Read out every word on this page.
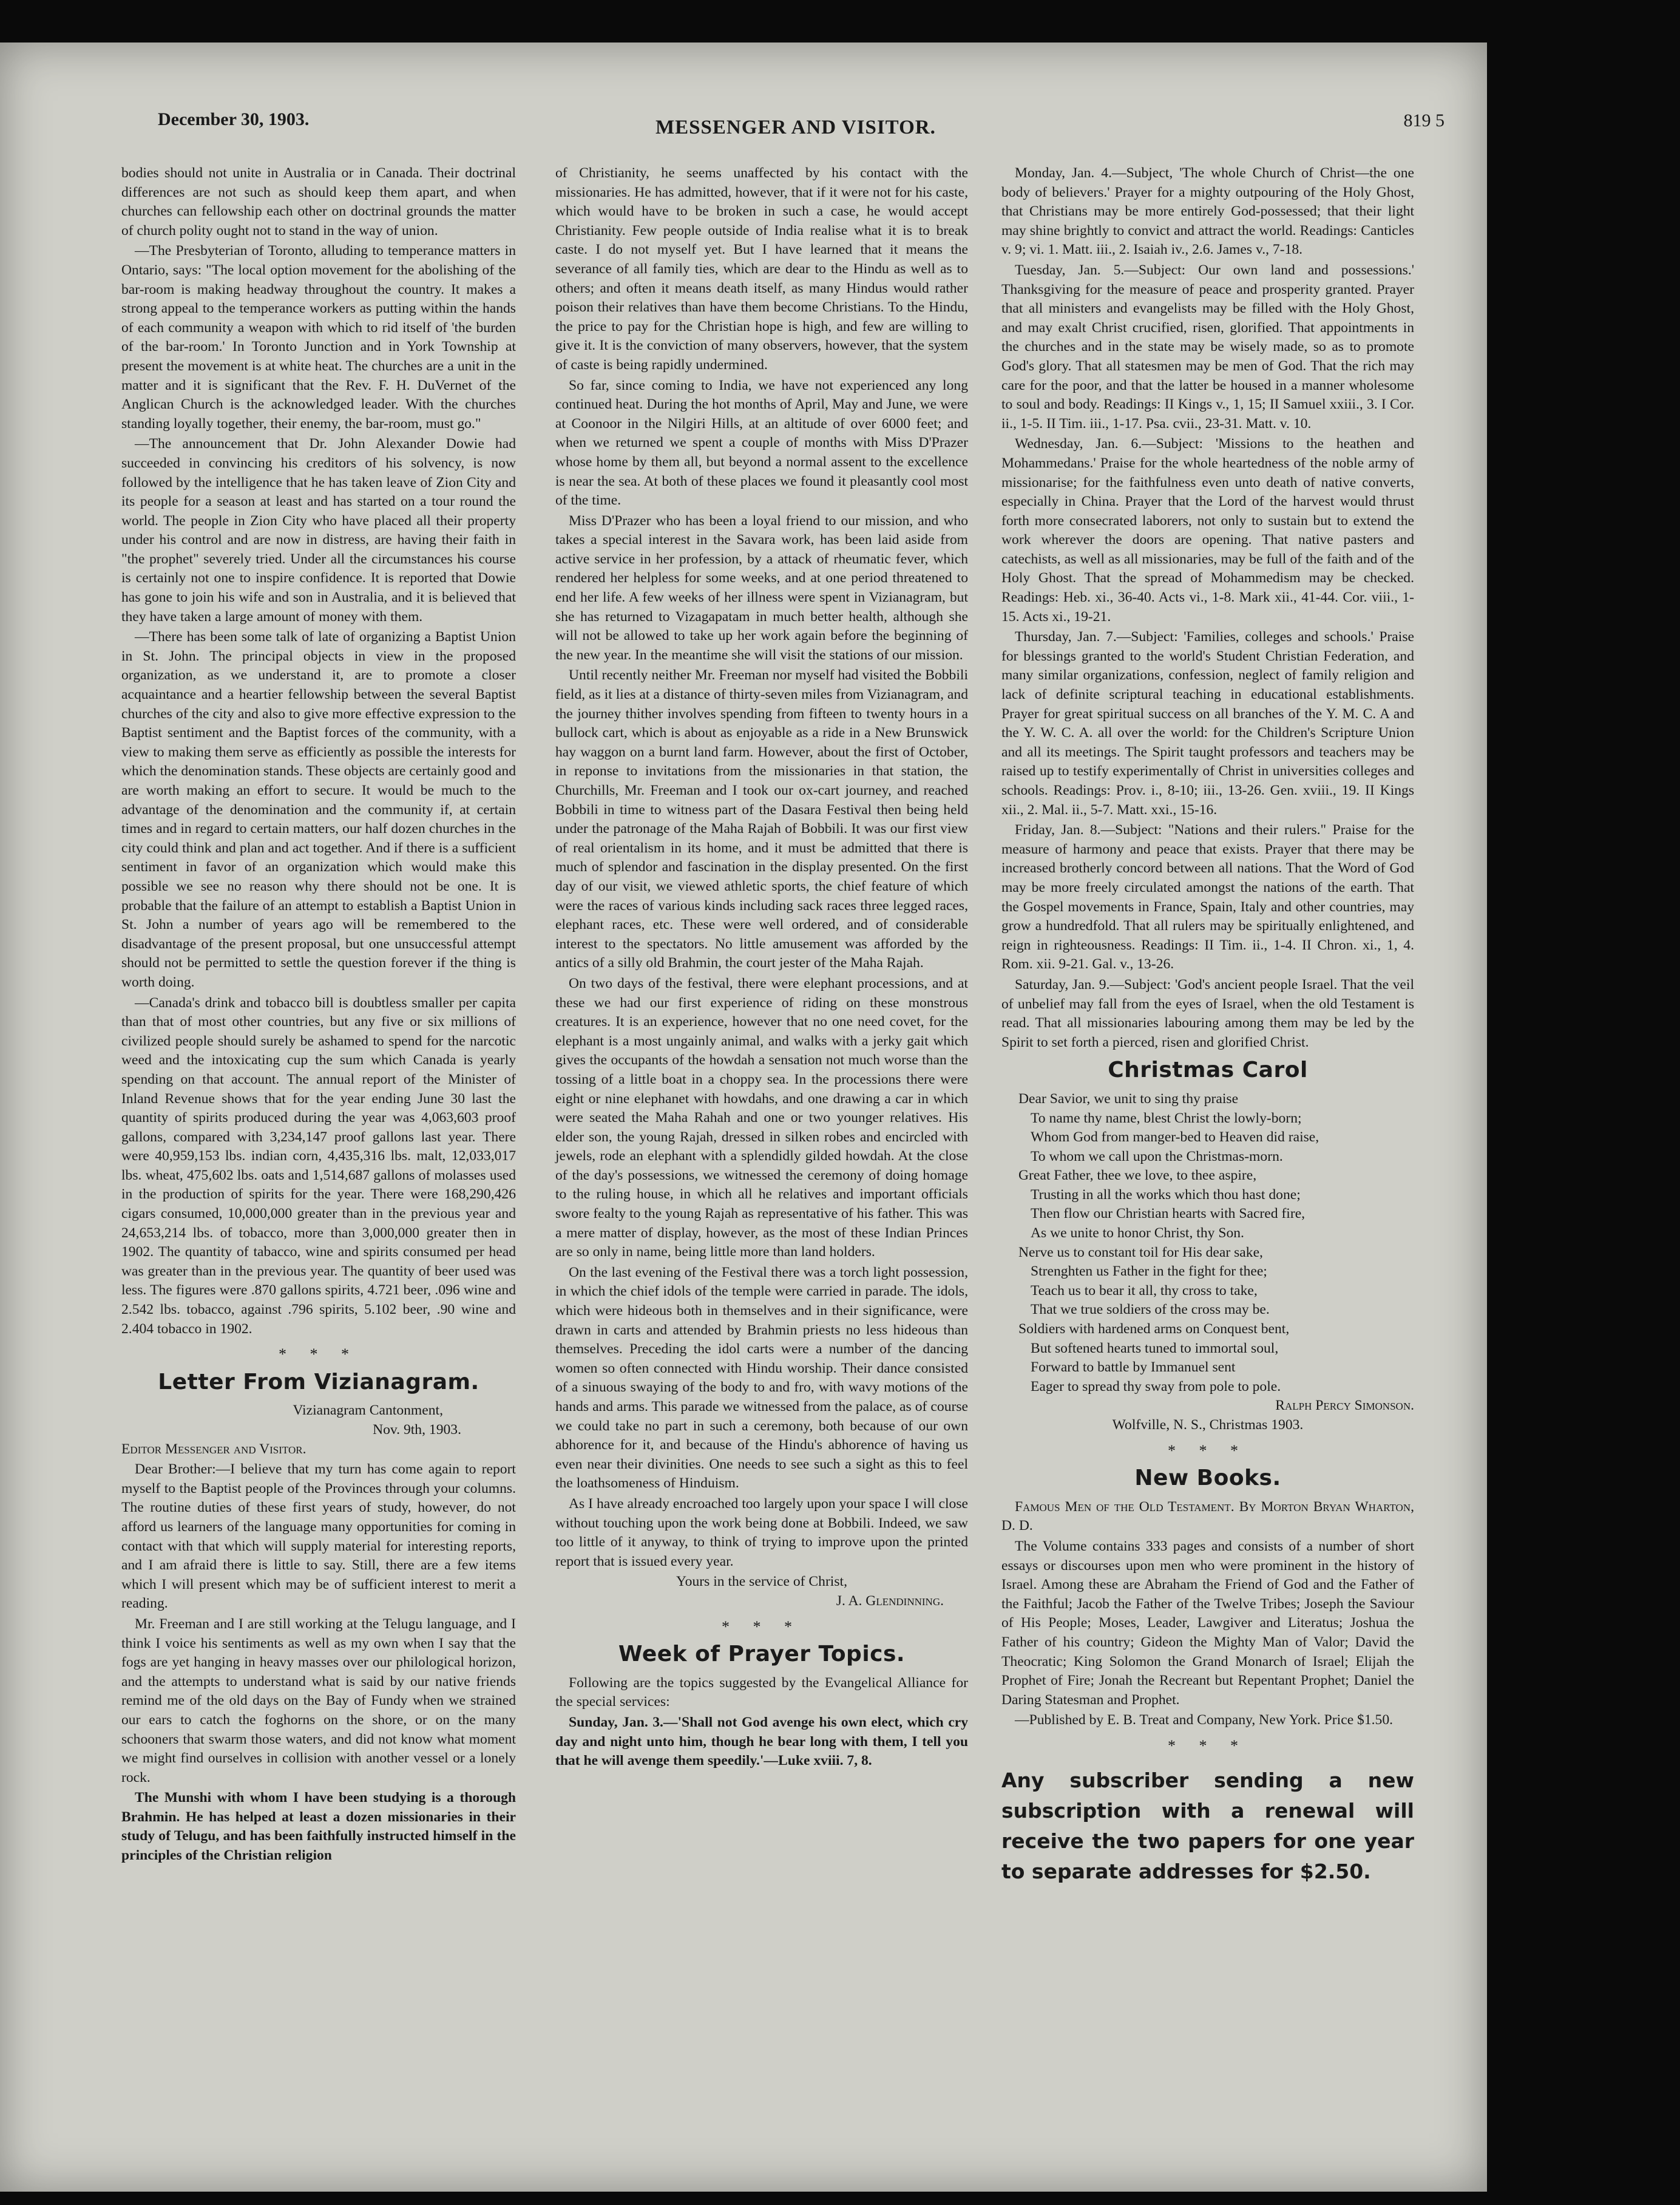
December 30, 1903.	MESSENGER AND VISITOR.	819 5

bodies should not unite in Australia or in Canada. Their doctrinal differences are not such as should keep them apart, and when churches can fellowship each other on doctrinal grounds the matter of church polity ought not to stand in the way of union.

—The Presbyterian of Toronto, alluding to temperance matters in Ontario, says: "The local option movement for the abolishing of the bar-room is making headway throughout the country. It makes a strong appeal to the temperance workers as putting within the hands of each community a weapon with which to rid itself of 'the burden of the bar-room.' In Toronto Junction and in York Township at present the movement is at white heat. The churches are a unit in the matter and it is significant that the Rev. F. H. DuVernet of the Anglican Church is the acknowledged leader. With the churches standing loyally together, their enemy, the bar-room, must go."

—The announcement that Dr. John Alexander Dowie had succeeded in convincing his creditors of his solvency, is now followed by the intelligence that he has taken leave of Zion City and its people for a season at least and has started on a tour round the world. The people in Zion City who have placed all their property under his control and are now in distress, are having their faith in "the prophet" severely tried. Under all the circumstances his course is certainly not one to inspire confidence. It is reported that Dowie has gone to join his wife and son in Australia, and it is believed that they have taken a large amount of money with them.

—There has been some talk of late of organizing a Baptist Union in St. John. The principal objects in view in the proposed organization, as we understand it, are to promote a closer acquaintance and a heartier fellowship between the several Baptist churches of the city and also to give more effective expression to the Baptist sentiment and the Baptist forces of the community, with a view to making them serve as efficiently as possible the interests for which the denomination stands. These objects are certainly good and are worth making an effort to secure. It would be much to the advantage of the denomination and the community if, at certain times and in regard to certain matters, our half dozen churches in the city could think and plan and act together. And if there is a sufficient sentiment in favor of an organization which would make this possible we see no reason why there should not be one. It is probable that the failure of an attempt to establish a Baptist Union in St. John a number of years ago will be remembered to the disadvantage of the present proposal, but one unsuccessful attempt should not be permitted to settle the question forever if the thing is worth doing.

—Canada's drink and tobacco bill is doubtless smaller per capita than that of most other countries, but any five or six millions of civilized people should surely be ashamed to spend for the narcotic weed and the intoxicating cup the sum which Canada is yearly spending on that account. The annual report of the Minister of Inland Revenue shows that for the year ending June 30 last the quantity of spirits produced during the year was 4,063,603 proof gallons, compared with 3,234,147 proof gallons last year. There were 40,959,153 lbs. indian corn, 4,435,316 lbs. malt, 12,033,017 lbs. wheat, 475,602 lbs. oats and 1,514,687 gallons of molasses used in the production of spirits for the year. There were 168,290,426 cigars consumed, 10,000,000 greater than in the previous year and 24,653,214 lbs. of tobacco, more than 3,000,000 greater then in 1902. The quantity of tabacco, wine and spirits consumed per head was greater than in the previous year. The quantity of beer used was less. The figures were .870 gallons spirits, 4.721 beer, .096 wine and 2.542 lbs. tobacco, against .796 spirits, 5.102 beer, .90 wine and 2.404 tobacco in 1902.

* * *
Letter From Vizianagram.
Vizianagram Cantonment,
Nov. 9th, 1903.

Editor Messenger and Visitor.

Dear Brother:—I believe that my turn has come again to report myself to the Baptist people of the Provinces through your columns. The routine duties of these first years of study, however, do not afford us learners of the language many opportunities for coming in contact with that which will supply material for interesting reports, and I am afraid there is little to say. Still, there are a few items which I will present which may be of sufficient interest to merit a reading.

Mr. Freeman and I are still working at the Telugu language, and I think I voice his sentiments as well as my own when I say that the fogs are yet hanging in heavy masses over our philological horizon, and the attempts to understand what is said by our native friends remind me of the old days on the Bay of Fundy when we strained our ears to catch the foghorns on the shore, or on the many schooners that swarm those waters, and did not know what moment we might find ourselves in collision with another vessel or a lonely rock.

The Munshi with whom I have been studying is a thorough Brahmin. He has helped at least a dozen missionaries in their study of Telugu, and has been faithfully instructed himself in the principles of the Christian religion

of Christianity, he seems unaffected by his contact with the missionaries. He has admitted, however, that if it were not for his caste, which would have to be broken in such a case, he would accept Christianity. Few people outside of India realise what it is to break caste. I do not myself yet. But I have learned that it means the severance of all family ties, which are dear to the Hindu as well as to others; and often it means death itself, as many Hindus would rather poison their relatives than have them become Christians. To the Hindu, the price to pay for the Christian hope is high, and few are willing to give it. It is the conviction of many observers, however, that the system of caste is being rapidly undermined.

So far, since coming to India, we have not experienced any long continued heat. During the hot months of April, May and June, we were at Coonoor in the Nilgiri Hills, at an altitude of over 6000 feet; and when we returned we spent a couple of months with Miss D'Prazer whose home by them all, but beyond a normal assent to the excellence is near the sea. At both of these places we found it pleasantly cool most of the time.

Miss D'Prazer who has been a loyal friend to our mission, and who takes a special interest in the Savara work, has been laid aside from active service in her profession, by a attack of rheumatic fever, which rendered her helpless for some weeks, and at one period threatened to end her life. A few weeks of her illness were spent in Vizianagram, but she has returned to Vizagapatam in much better health, although she will not be allowed to take up her work again before the beginning of the new year. In the meantime she will visit the stations of our mission.

Until recently neither Mr. Freeman nor myself had visited the Bobbili field, as it lies at a distance of thirty-seven miles from Vizianagram, and the journey thither involves spending from fifteen to twenty hours in a bullock cart, which is about as enjoyable as a ride in a New Brunswick hay waggon on a burnt land farm. However, about the first of October, in reponse to invitations from the missionaries in that station, the Churchills, Mr. Freeman and I took our ox-cart journey, and reached Bobbili in time to witness part of the Dasara Festival then being held under the patronage of the Maha Rajah of Bobbili. It was our first view of real orientalism in its home, and it must be admitted that there is much of splendor and fascination in the display presented. On the first day of our visit, we viewed athletic sports, the chief feature of which were the races of various kinds including sack races three legged races, elephant races, etc. These were well ordered, and of considerable interest to the spectators. No little amusement was afforded by the antics of a silly old Brahmin, the court jester of the Maha Rajah.

On two days of the festival, there were elephant processions, and at these we had our first experience of riding on these monstrous creatures. It is an experience, however that no one need covet, for the elephant is a most ungainly animal, and walks with a jerky gait which gives the occupants of the howdah a sensation not much worse than the tossing of a little boat in a choppy sea. In the processions there were eight or nine elephanet with howdahs, and one drawing a car in which were seated the Maha Rahah and one or two younger relatives. His elder son, the young Rajah, dressed in silken robes and encircled with jewels, rode an elephant with a splendidly gilded howdah. At the close of the day's possessions, we witnessed the ceremony of doing homage to the ruling house, in which all he relatives and important officials swore fealty to the young Rajah as representative of his father. This was a mere matter of display, however, as the most of these Indian Princes are so only in name, being little more than land holders.

On the last evening of the Festival there was a torch light possession, in which the chief idols of the temple were carried in parade. The idols, which were hideous both in themselves and in their significance, were drawn in carts and attended by Brahmin priests no less hideous than themselves. Preceding the idol carts were a number of the dancing women so often connected with Hindu worship. Their dance consisted of a sinuous swaying of the body to and fro, with wavy motions of the hands and arms. This parade we witnessed from the palace, as of course we could take no part in such a ceremony, both because of our own abhorence for it, and because of the Hindu's abhorence of having us even near their divinities. One needs to see such a sight as this to feel the loathsomeness of Hinduism.

As I have already encroached too largely upon your space I will close without touching upon the work being done at Bobbili. Indeed, we saw too little of it anyway, to think of trying to improve upon the printed report that is issued every year.

Yours in the service of Christ,
J. A. Glendinning.
* * *
Week of Prayer Topics.

Following are the topics suggested by the Evangelical Alliance for the special services:

Sunday, Jan. 3.—'Shall not God avenge his own elect, which cry day and night unto him, though he bear long with them, I tell you that he will avenge them speedily.'—Luke xviii. 7, 8.

Monday, Jan. 4.—Subject, 'The whole Church of Christ—the one body of believers.' Prayer for a mighty outpouring of the Holy Ghost, that Christians may be more entirely God-possessed; that their light may shine brightly to convict and attract the world. Readings: Canticles v. 9; vi. 1. Matt. iii., 2. Isaiah iv., 2.6. James v., 7-18.

Tuesday, Jan. 5.—Subject: Our own land and possessions.' Thanksgiving for the measure of peace and prosperity granted. Prayer that all ministers and evangelists may be filled with the Holy Ghost, and may exalt Christ crucified, risen, glorified. That appointments in the churches and in the state may be wisely made, so as to promote God's glory. That all statesmen may be men of God. That the rich may care for the poor, and that the latter be housed in a manner wholesome to soul and body. Readings: II Kings v., 1, 15; II Samuel xxiii., 3. I Cor. ii., 1-5. II Tim. iii., 1-17. Psa. cvii., 23-31. Matt. v. 10.

Wednesday, Jan. 6.—Subject: 'Missions to the heathen and Mohammedans.' Praise for the whole heartedness of the noble army of missionarise; for the faithfulness even unto death of native converts, especially in China. Prayer that the Lord of the harvest would thrust forth more consecrated laborers, not only to sustain but to extend the work wherever the doors are opening. That native pasters and catechists, as well as all missionaries, may be full of the faith and of the Holy Ghost. That the spread of Mohammedism may be checked. Readings: Heb. xi., 36-40. Acts vi., 1-8. Mark xii., 41-44. Cor. viii., 1-15. Acts xi., 19-21.

Thursday, Jan. 7.—Subject: 'Families, colleges and schools.' Praise for blessings granted to the world's Student Christian Federation, and many similar organizations, confession, neglect of family religion and lack of definite scriptural teaching in educational establishments. Prayer for great spiritual success on all branches of the Y. M. C. A and the Y. W. C. A. all over the world: for the Children's Scripture Union and all its meetings. The Spirit taught professors and teachers may be raised up to testify experimentally of Christ in universities colleges and schools. Readings: Prov. i., 8-10; iii., 13-26. Gen. xviii., 19. II Kings xii., 2. Mal. ii., 5-7. Matt. xxi., 15-16.

Friday, Jan. 8.—Subject: "Nations and their rulers." Praise for the measure of harmony and peace that exists. Prayer that there may be increased brotherly concord between all nations. That the Word of God may be more freely circulated amongst the nations of the earth. That the Gospel movements in France, Spain, Italy and other countries, may grow a hundredfold. That all rulers may be spiritually enlightened, and reign in righteousness. Readings: II Tim. ii., 1-4. II Chron. xi., 1, 4. Rom. xii. 9-21. Gal. v., 13-26.

Saturday, Jan. 9.—Subject: 'God's ancient people Israel. That the veil of unbelief may fall from the eyes of Israel, when the old Testament is read. That all missionaries labouring among them may be led by the Spirit to set forth a pierced, risen and glorified Christ.

Christmas Carol
Dear Savior, we unit to sing thy praise
To name thy name, blest Christ the lowly-born;
Whom God from manger-bed to Heaven did raise,
To whom we call upon the Christmas-morn.
Great Father, thee we love, to thee aspire,
Trusting in all the works which thou hast done;
Then flow our Christian hearts with Sacred fire,
As we unite to honor Christ, thy Son.
Nerve us to constant toil for His dear sake,
Strenghten us Father in the fight for thee;
Teach us to bear it all, thy cross to take,
That we true soldiers of the cross may be.
Soldiers with hardened arms on Conquest bent,
But softened hearts tuned to immortal soul,
Forward to battle by Immanuel sent
Eager to spread thy sway from pole to pole.
Ralph Percy Simonson.
Wolfville, N. S., Christmas 1903.
* * *
New Books.

Famous Men of the Old Testament. By Morton Bryan Wharton, D. D.

The Volume contains 333 pages and consists of a number of short essays or discourses upon men who were prominent in the history of Israel. Among these are Abraham the Friend of God and the Father of the Faithful; Jacob the Father of the Twelve Tribes; Joseph the Saviour of His People; Moses, Leader, Lawgiver and Literatus; Joshua the Father of his country; Gideon the Mighty Man of Valor; David the Theocratic; King Solomon the Grand Monarch of Israel; Elijah the Prophet of Fire; Jonah the Recreant but Repentant Prophet; Daniel the Daring Statesman and Prophet.

—Published by E. B. Treat and Company, New York. Price $1.50.

* * *
Any subscriber sending a new subscription with a renewal will receive the two papers for one year to separate addresses for $2.50.
